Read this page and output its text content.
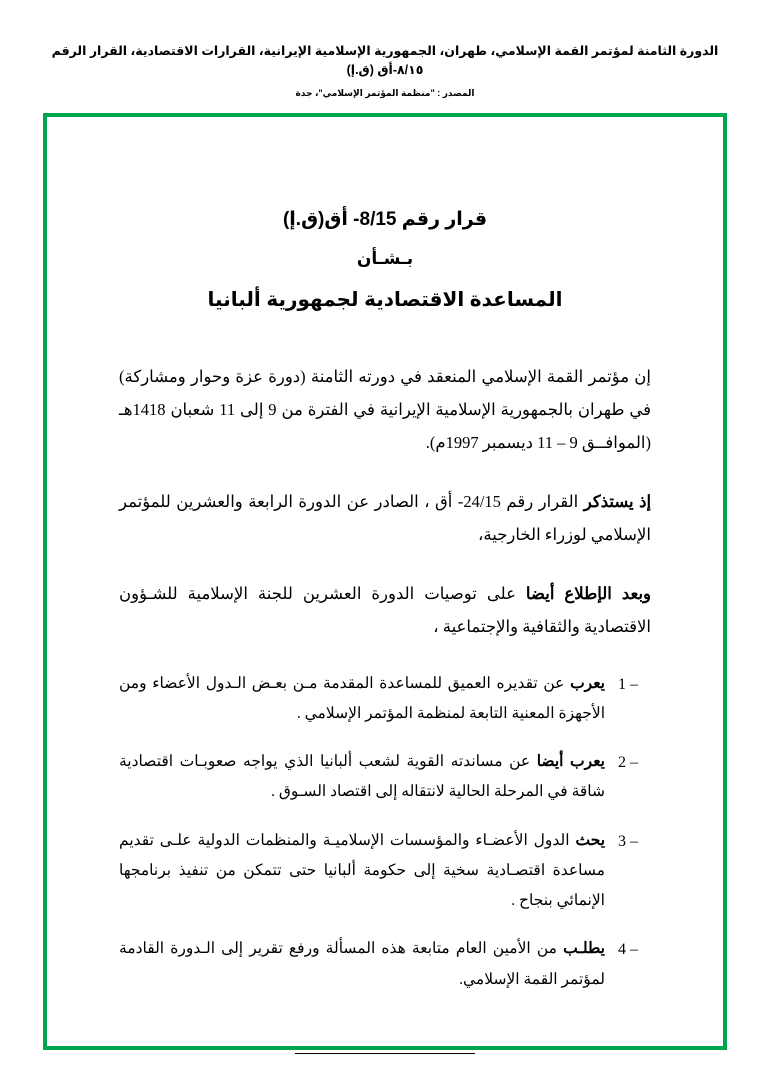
الدورة الثامنة لمؤتمر القمة الإسلامي، طهران، الجمهورية الإسلامية الإيرانية، القرارات الاقتصادية، القرار الرقم ٨/١٥-أق (ق.إ)
المصدر : "منظمة المؤتمر الإسلامي"، جدة
قرار رقم 8/15- أق(ق.إ)
بـشـأن
المساعدة الاقتصادية لجمهورية ألبانيا

إن مؤتمر القمة الإسلامي المنعقد في دورته الثامنة (دورة عزة وحوار ومشاركة) في طهران بالجمهورية الإسلامية الإيرانية في الفترة من 9 إلى 11 شعبان 1418هـ (الموافــق 9 – 11 ديسمبر 1997م).

إذ يستذكر القرار رقم 24/15- أق ، الصادر عن الدورة الرابعة والعشرين للمؤتمر الإسلامي لوزراء الخارجية،

وبعد الإطلاع أيضا على توصيات الدورة العشرين للجنة الإسلامية للشـؤون الاقتصادية والثقافية والإجتماعية ،

1 –
يعرب عن تقديره العميق للمساعدة المقدمة مـن بعـض الـدول الأعضاء ومن الأجهزة المعنية التابعة لمنظمة المؤتمر الإسلامي .
2 –
يعرب أيضا عن مساندته القوية لشعب ألبانيا الذي يواجه صعوبـات اقتصادية شاقة في المرحلة الحالية لانتقاله إلى اقتصاد السـوق .
3 –
يحث الدول الأعضـاء والمؤسسات الإسلاميـة والمنظمات الدولية علـى تقديم مساعدة اقتصـادية سخية إلى حكومة ألبانيا حتى تتمكن من تنفيذ برنامجها الإنمائي بنجاح .
4 –
يطلـب من الأمين العام متابعة هذه المسألة ورفع تقرير إلى الـدورة القادمة لمؤتمر القمة الإسلامي.
